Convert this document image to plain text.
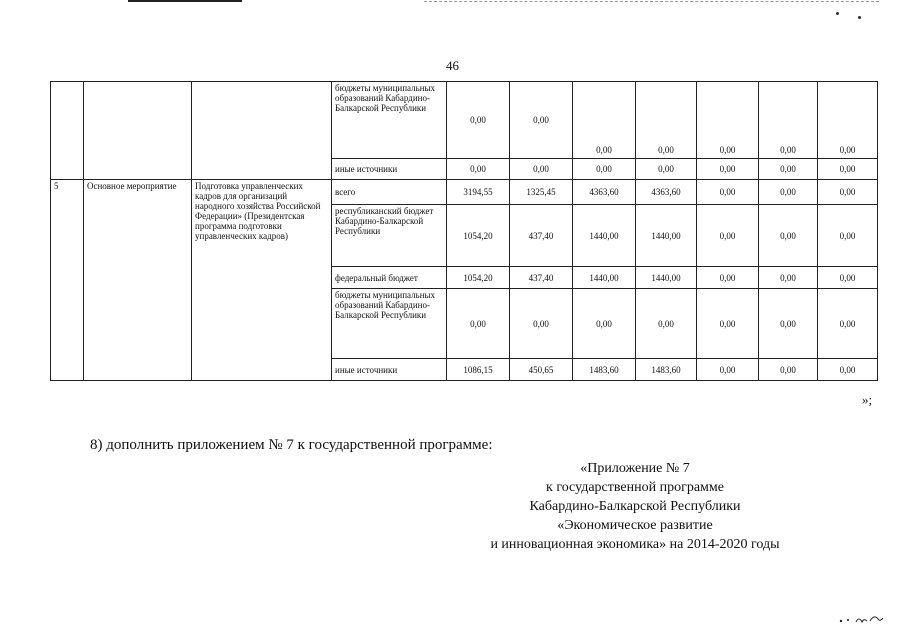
46
			бюджеты муниципальных образований Кабардино-Балкарской Республики	0,00	0,00	0,00	0,00	0,00	0,00	0,00
			иные источники	0,00	0,00	0,00	0,00	0,00	0,00	0,00
5	Основное мероприятие	Подготовка управленческих кадров для организаций народного хозяйства Российской Федерации» (Президентская программа подготовки управленческих кадров)	всего	3194,55	1325,45	4363,60	4363,60	0,00	0,00	0,00
			республиканский бюджет Кабардино-Балкарской Республики	1054,20	437,40	1440,00	1440,00	0,00	0,00	0,00
			федеральный бюджет	1054,20	437,40	1440,00	1440,00	0,00	0,00	0,00
			бюджеты муниципальных образований Кабардино-Балкарской Республики	0,00	0,00	0,00	0,00	0,00	0,00	0,00
			иные источники	1086,15	450,65	1483,60	1483,60	0,00	0,00	0,00
»;
8) дополнить приложением № 7 к государственной программе:
«Приложение № 7
к государственной программе
Кабардино-Балкарской Республики
«Экономическое развитие
и инновационная экономика» на 2014-2020 годы
